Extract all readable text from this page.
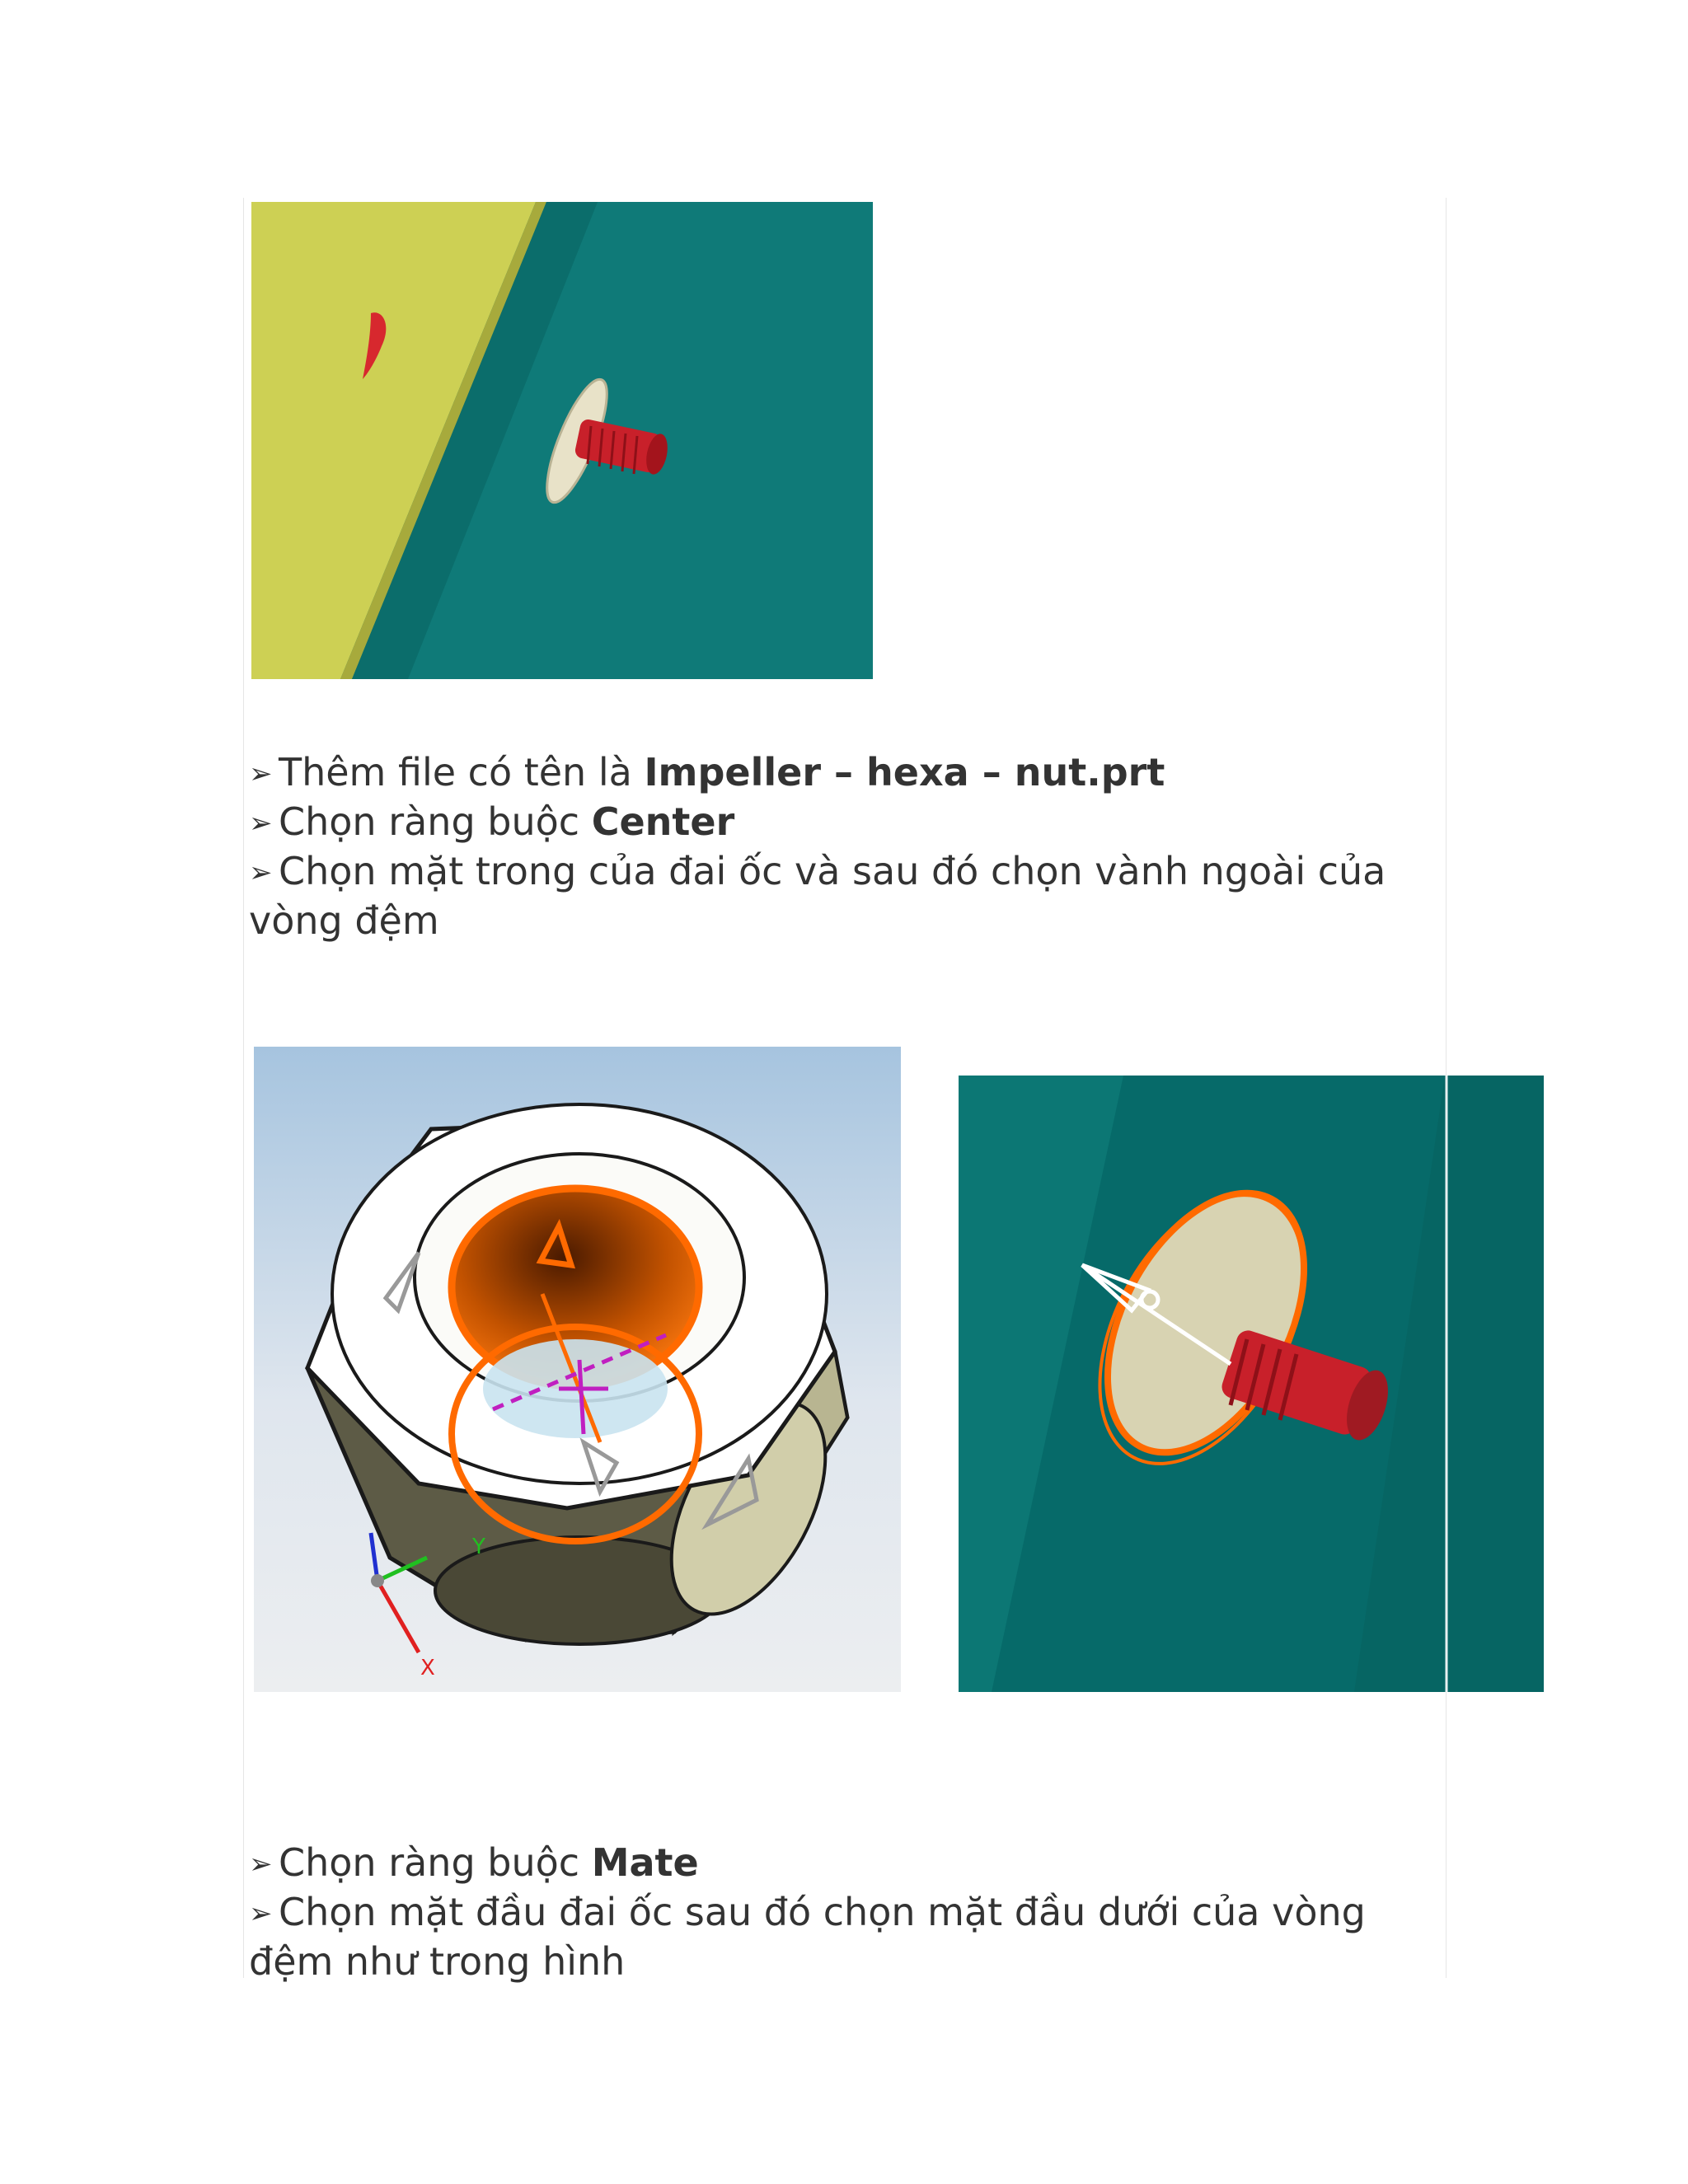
➢ Thêm file có tên là Impeller – hexa – nut.prt
➢ Chọn ràng buộc Center
➢ Chọn mặt trong của đai ốc và sau đó chọn vành ngoài của vòng đệm
Y
X
➢ Chọn ràng buộc Mate
➢ Chọn mặt đầu đai ốc sau đó chọn mặt đầu dưới của vòng đệm như trong hình
